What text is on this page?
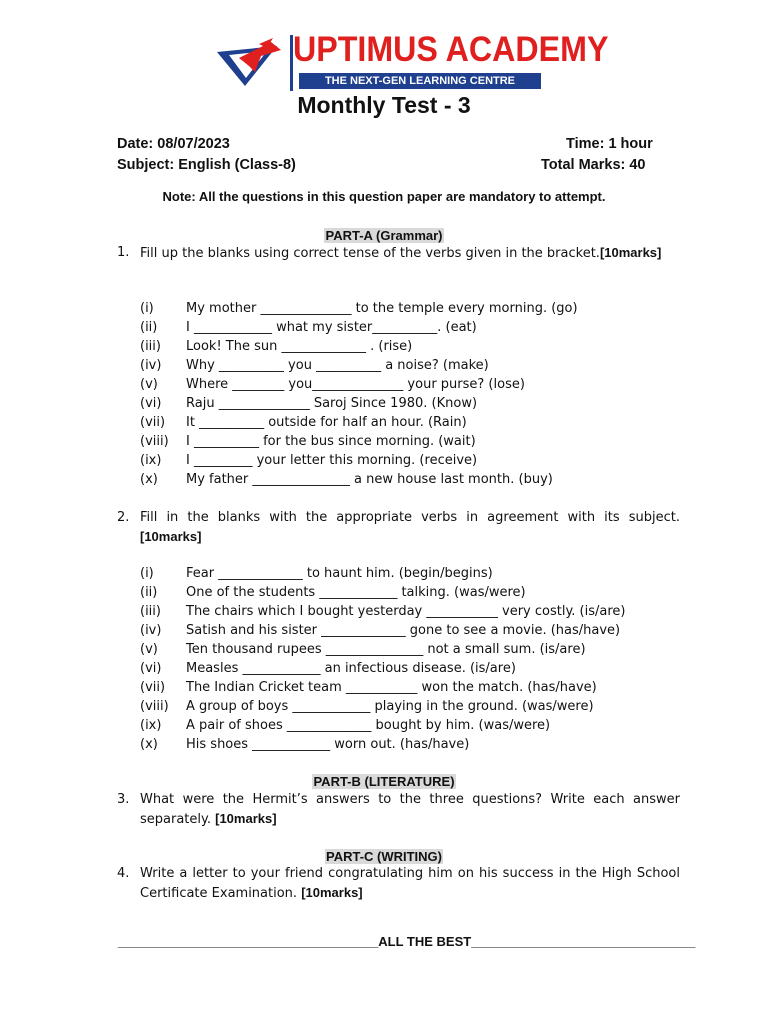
UPTIMUS ACADEMY
THE NEXT-GEN LEARNING CENTRE
Monthly Test - 3
Date: 08/07/2023	Time: 1 hour
Subject: English (Class-8)	Total Marks: 40
Note: All the questions in this question paper are mandatory to attempt.
PART-A (Grammar)
1. Fill up the blanks using correct tense of the verbs given in the bracket.[10marks]
(i) My mother ______________ to the temple every morning. (go)
(ii) I ____________ what my sister__________. (eat)
(iii) Look! The sun _____________ . (rise)
(iv) Why __________ you __________ a noise? (make)
(v) Where ________ you______________ your purse? (lose)
(vi) Raju ______________ Saroj Since 1980. (Know)
(vii) It __________ outside for half an hour. (Rain)
(viii) I __________ for the bus since morning. (wait)
(ix) I _________ your letter this morning. (receive)
(x) My father _______________ a new house last month. (buy)
2. Fill in the blanks with the appropriate verbs in agreement with its subject.[10marks]
(i) Fear _____________ to haunt him. (begin/begins)
(ii) One of the students ____________ talking. (was/were)
(iii) The chairs which I bought yesterday ___________ very costly. (is/are)
(iv) Satish and his sister _____________ gone to see a movie. (has/have)
(v) Ten thousand rupees _______________ not a small sum. (is/are)
(vi) Measles ____________ an infectious disease. (is/are)
(vii) The Indian Cricket team ___________ won the match. (has/have)
(viii) A group of boys ____________ playing in the ground. (was/were)
(ix) A pair of shoes _____________ bought by him. (was/were)
(x) His shoes ____________ worn out. (has/have)
PART-B (LITERATURE)
3. What were the Hermit’s answers to the three questions? Write each answer separately. [10marks]
PART-C (WRITING)
4. Write a letter to your friend congratulating him on his success in the High School Certificate Examination. [10marks]
____________________________________ALL THE BEST_______________________________
